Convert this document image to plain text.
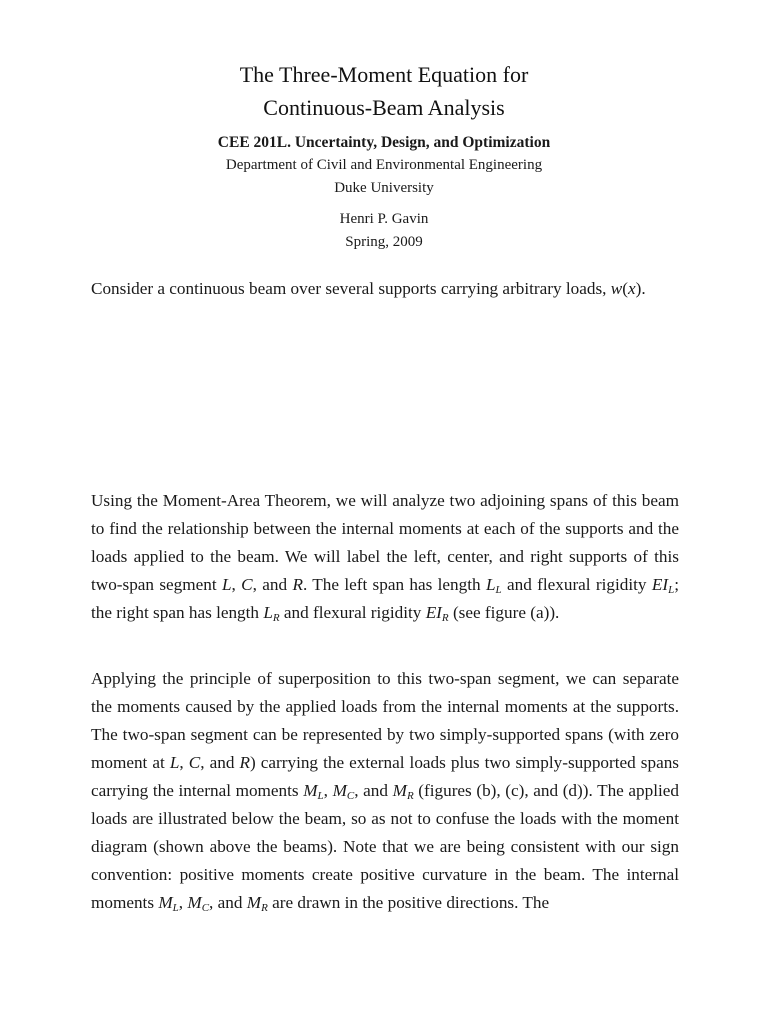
The Three-Moment Equation for
Continuous-Beam Analysis
CEE 201L. Uncertainty, Design, and Optimization
Department of Civil and Environmental Engineering
Duke University
Henri P. Gavin
Spring, 2009

Consider a continuous beam over several supports carrying arbitrary loads, w(x).

Using the Moment-Area Theorem, we will analyze two adjoining spans of this beam to find the relationship between the internal moments at each of the supports and the loads applied to the beam. We will label the left, center, and right supports of this two-span segment L, C, and R. The left span has length $L_L$ and flexural rigidity $EI_L$; the right span has length $L_R$ and flexural rigidity $EI_R$ (see figure (a)).

Applying the principle of superposition to this two-span segment, we can separate the moments caused by the applied loads from the internal moments at the supports. The two-span segment can be represented by two simply-supported spans (with zero moment at L, C, and R) carrying the external loads plus two simply-supported spans carrying the internal moments $M_L$, $M_C$, and $M_R$ (figures (b), (c), and (d)). The applied loads are illustrated below the beam, so as not to confuse the loads with the moment diagram (shown above the beams). Note that we are being consistent with our sign convention: positive moments create positive curvature in the beam. The internal moments $M_L$, $M_C$, and $M_R$ are drawn in the positive directions. The
